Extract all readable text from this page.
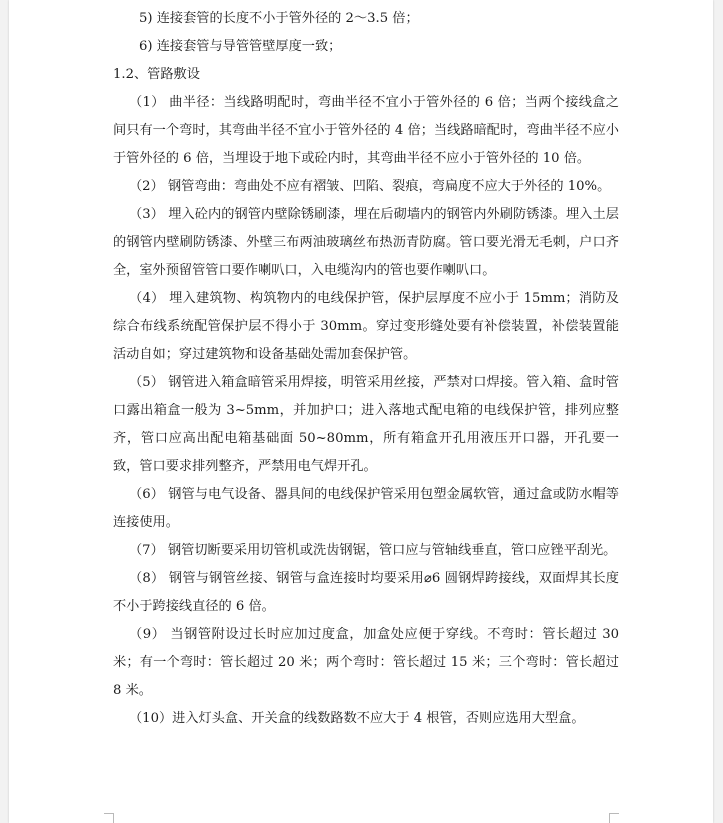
5) 连接套管的长度不小于管外径的 2～3.5 倍；

6) 连接套管与导管管壁厚度一致；

1.2、管路敷设

（1） 曲半径：当线路明配时，弯曲半径不宜小于管外径的 6 倍；当两个接线盒之间只有一个弯时，其弯曲半径不宜小于管外径的 4 倍；当线路暗配时，弯曲半径不应小于管外径的 6 倍，当埋设于地下或砼内时，其弯曲半径不应小于管外径的 10 倍。

（2） 钢管弯曲：弯曲处不应有褶皱、凹陷、裂痕，弯扁度不应大于外径的 10%。

（3） 埋入砼内的钢管内壁除锈刷漆，埋在后砌墙内的钢管内外刷防锈漆。埋入土层的钢管内壁刷防锈漆、外壁三布两油玻璃丝布热沥青防腐。管口要光滑无毛刺，户口齐全，室外预留管管口要作喇叭口，入电缆沟内的管也要作喇叭口。

（4） 埋入建筑物、构筑物内的电线保护管，保护层厚度不应小于 15mm；消防及综合布线系统配管保护层不得小于 30mm。穿过变形缝处要有补偿装置，补偿装置能活动自如；穿过建筑物和设备基础处需加套保护管。

（5） 钢管进入箱盒暗管采用焊接，明管采用丝接，严禁对口焊接。管入箱、盒时管口露出箱盒一般为 3~5mm，并加护口；进入落地式配电箱的电线保护管，排列应整齐，管口应高出配电箱基础面 50~80mm，所有箱盒开孔用液压开口器，开孔要一致，管口要求排列整齐，严禁用电气焊开孔。

（6） 钢管与电气设备、器具间的电线保护管采用包塑金属软管，通过盒或防水帽等连接使用。

（7） 钢管切断要采用切管机或洗齿钢锯，管口应与管轴线垂直，管口应锉平刮光。

（8） 钢管与钢管丝接、钢管与盒连接时均要采用⌀6 圆钢焊跨接线，双面焊其长度不小于跨接线直径的 6 倍。

（9） 当钢管附设过长时应加过度盒，加盒处应便于穿线。不弯时：管长超过 30 米；有一个弯时：管长超过 20 米；两个弯时：管长超过 15 米；三个弯时：管长超过 8 米。

（10）进入灯头盒、开关盒的线数路数不应大于 4 根管，否则应选用大型盒。
